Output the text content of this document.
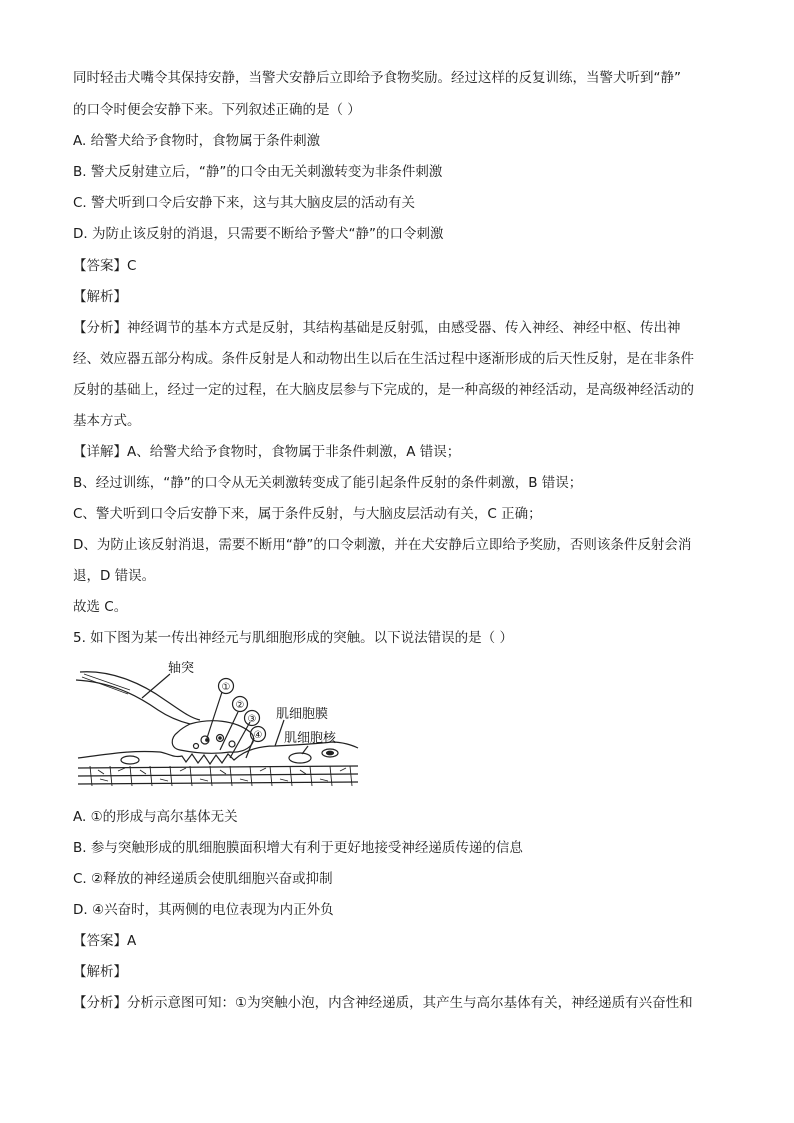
同时轻击犬嘴令其保持安静，当警犬安静后立即给予食物奖励。经过这样的反复训练，当警犬听到“静”
的口令时便会安静下来。下列叙述正确的是（ ）
A. 给警犬给予食物时，食物属于条件刺激
B. 警犬反射建立后，“静”的口令由无关刺激转变为非条件刺激
C. 警犬听到口令后安静下来，这与其大脑皮层的活动有关
D. 为防止该反射的消退，只需要不断给予警犬“静”的口令刺激
【答案】C
【解析】
【分析】神经调节的基本方式是反射，其结构基础是反射弧，由感受器、传入神经、神经中枢、传出神
经、效应器五部分构成。条件反射是人和动物出生以后在生活过程中逐渐形成的后天性反射，是在非条件
反射的基础上，经过一定的过程，在大脑皮层参与下完成的，是一种高级的神经活动，是高级神经活动的
基本方式。
【详解】A、给警犬给予食物时，食物属于非条件刺激，A 错误；
B、经过训练，“静”的口令从无关刺激转变成了能引起条件反射的条件刺激，B 错误；
C、警犬听到口令后安静下来，属于条件反射，与大脑皮层活动有关，C 正确；
D、为防止该反射消退，需要不断用“静”的口令刺激，并在犬安静后立即给予奖励，否则该条件反射会消
退，D 错误。
故选 C。
5. 如下图为某一传出神经元与肌细胞形成的突触。以下说法错误的是（ ）
①
②
③
④
轴突
肌细胞膜
肌细胞核
A. ①的形成与高尔基体无关
B. 参与突触形成的肌细胞膜面积增大有利于更好地接受神经递质传递的信息
C. ②释放的神经递质会使肌细胞兴奋或抑制
D. ④兴奋时，其两侧的电位表现为内正外负
【答案】A
【解析】
【分析】分析示意图可知：①为突触小泡，内含神经递质，其产生与高尔基体有关，神经递质有兴奋性和
